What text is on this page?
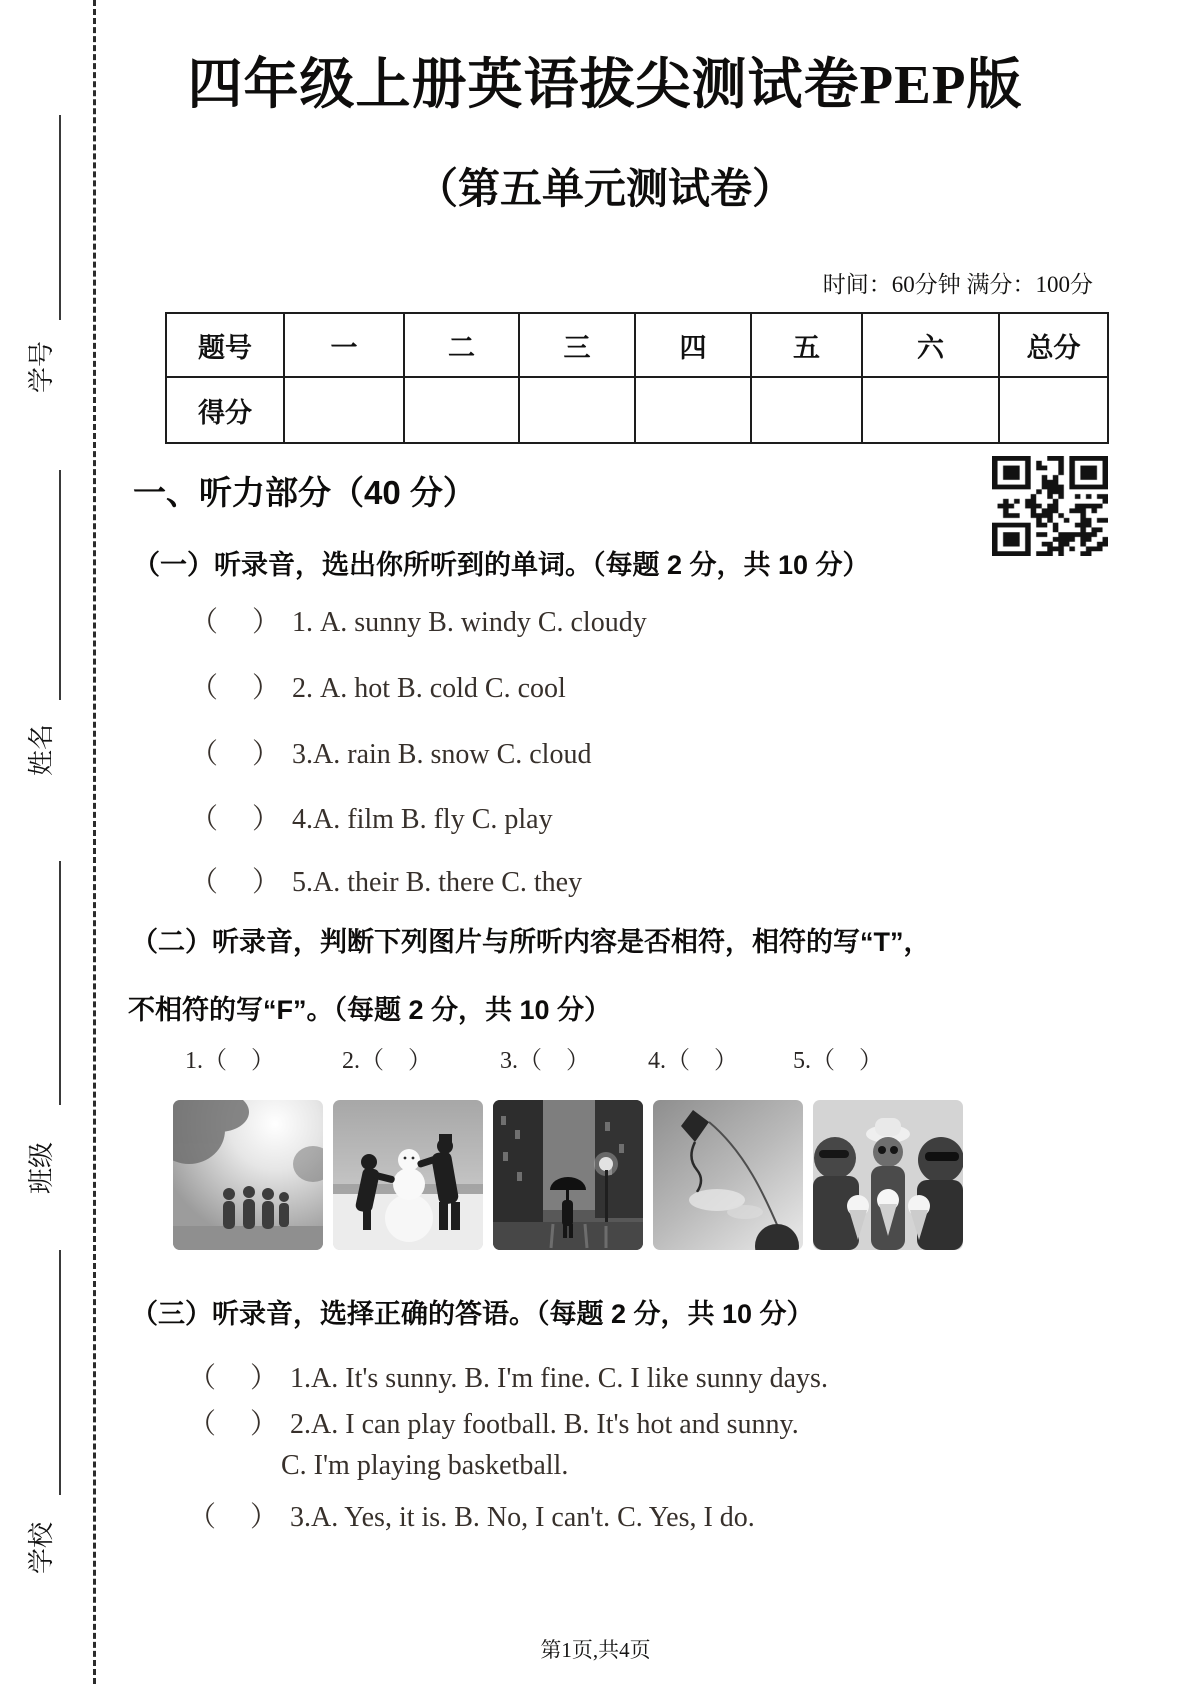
学号
姓名
班级
学校
四年级上册英语拔尖测试卷PEP版
（第五单元测试卷）
时间：60分钟 满分：100分
题号	一	二	三	四	五	六	总分
得分							
一、听力部分（40 分）
（一）听录音，选出你所听到的单词。（每题 2 分，共 10 分）
（ ） 1. A. sunny B. windy C. cloudy
（ ） 2. A. hot B. cold C. cool
（ ） 3.A. rain B. snow C. cloud
（ ） 4.A. film B. fly C. play
（ ） 5.A. their B. there C. they
（二）听录音，判断下列图片与所听内容是否相符，相符的写“T”，
不相符的写“F”。（每题 2 分，共 10 分）
1.（　）	2.（　）	3.（　） 4.（　） 5.（　）
（三）听录音，选择正确的答语。（每题 2 分，共 10 分）
（ ） 1.A. It's sunny. B. I'm fine. C. I like sunny days.
（ ） 2.A. I can play football. B. It's hot and sunny.
C. I'm playing basketball.
（ ） 3.A. Yes, it is. B. No, I can't. C. Yes, I do.
第1页,共4页
